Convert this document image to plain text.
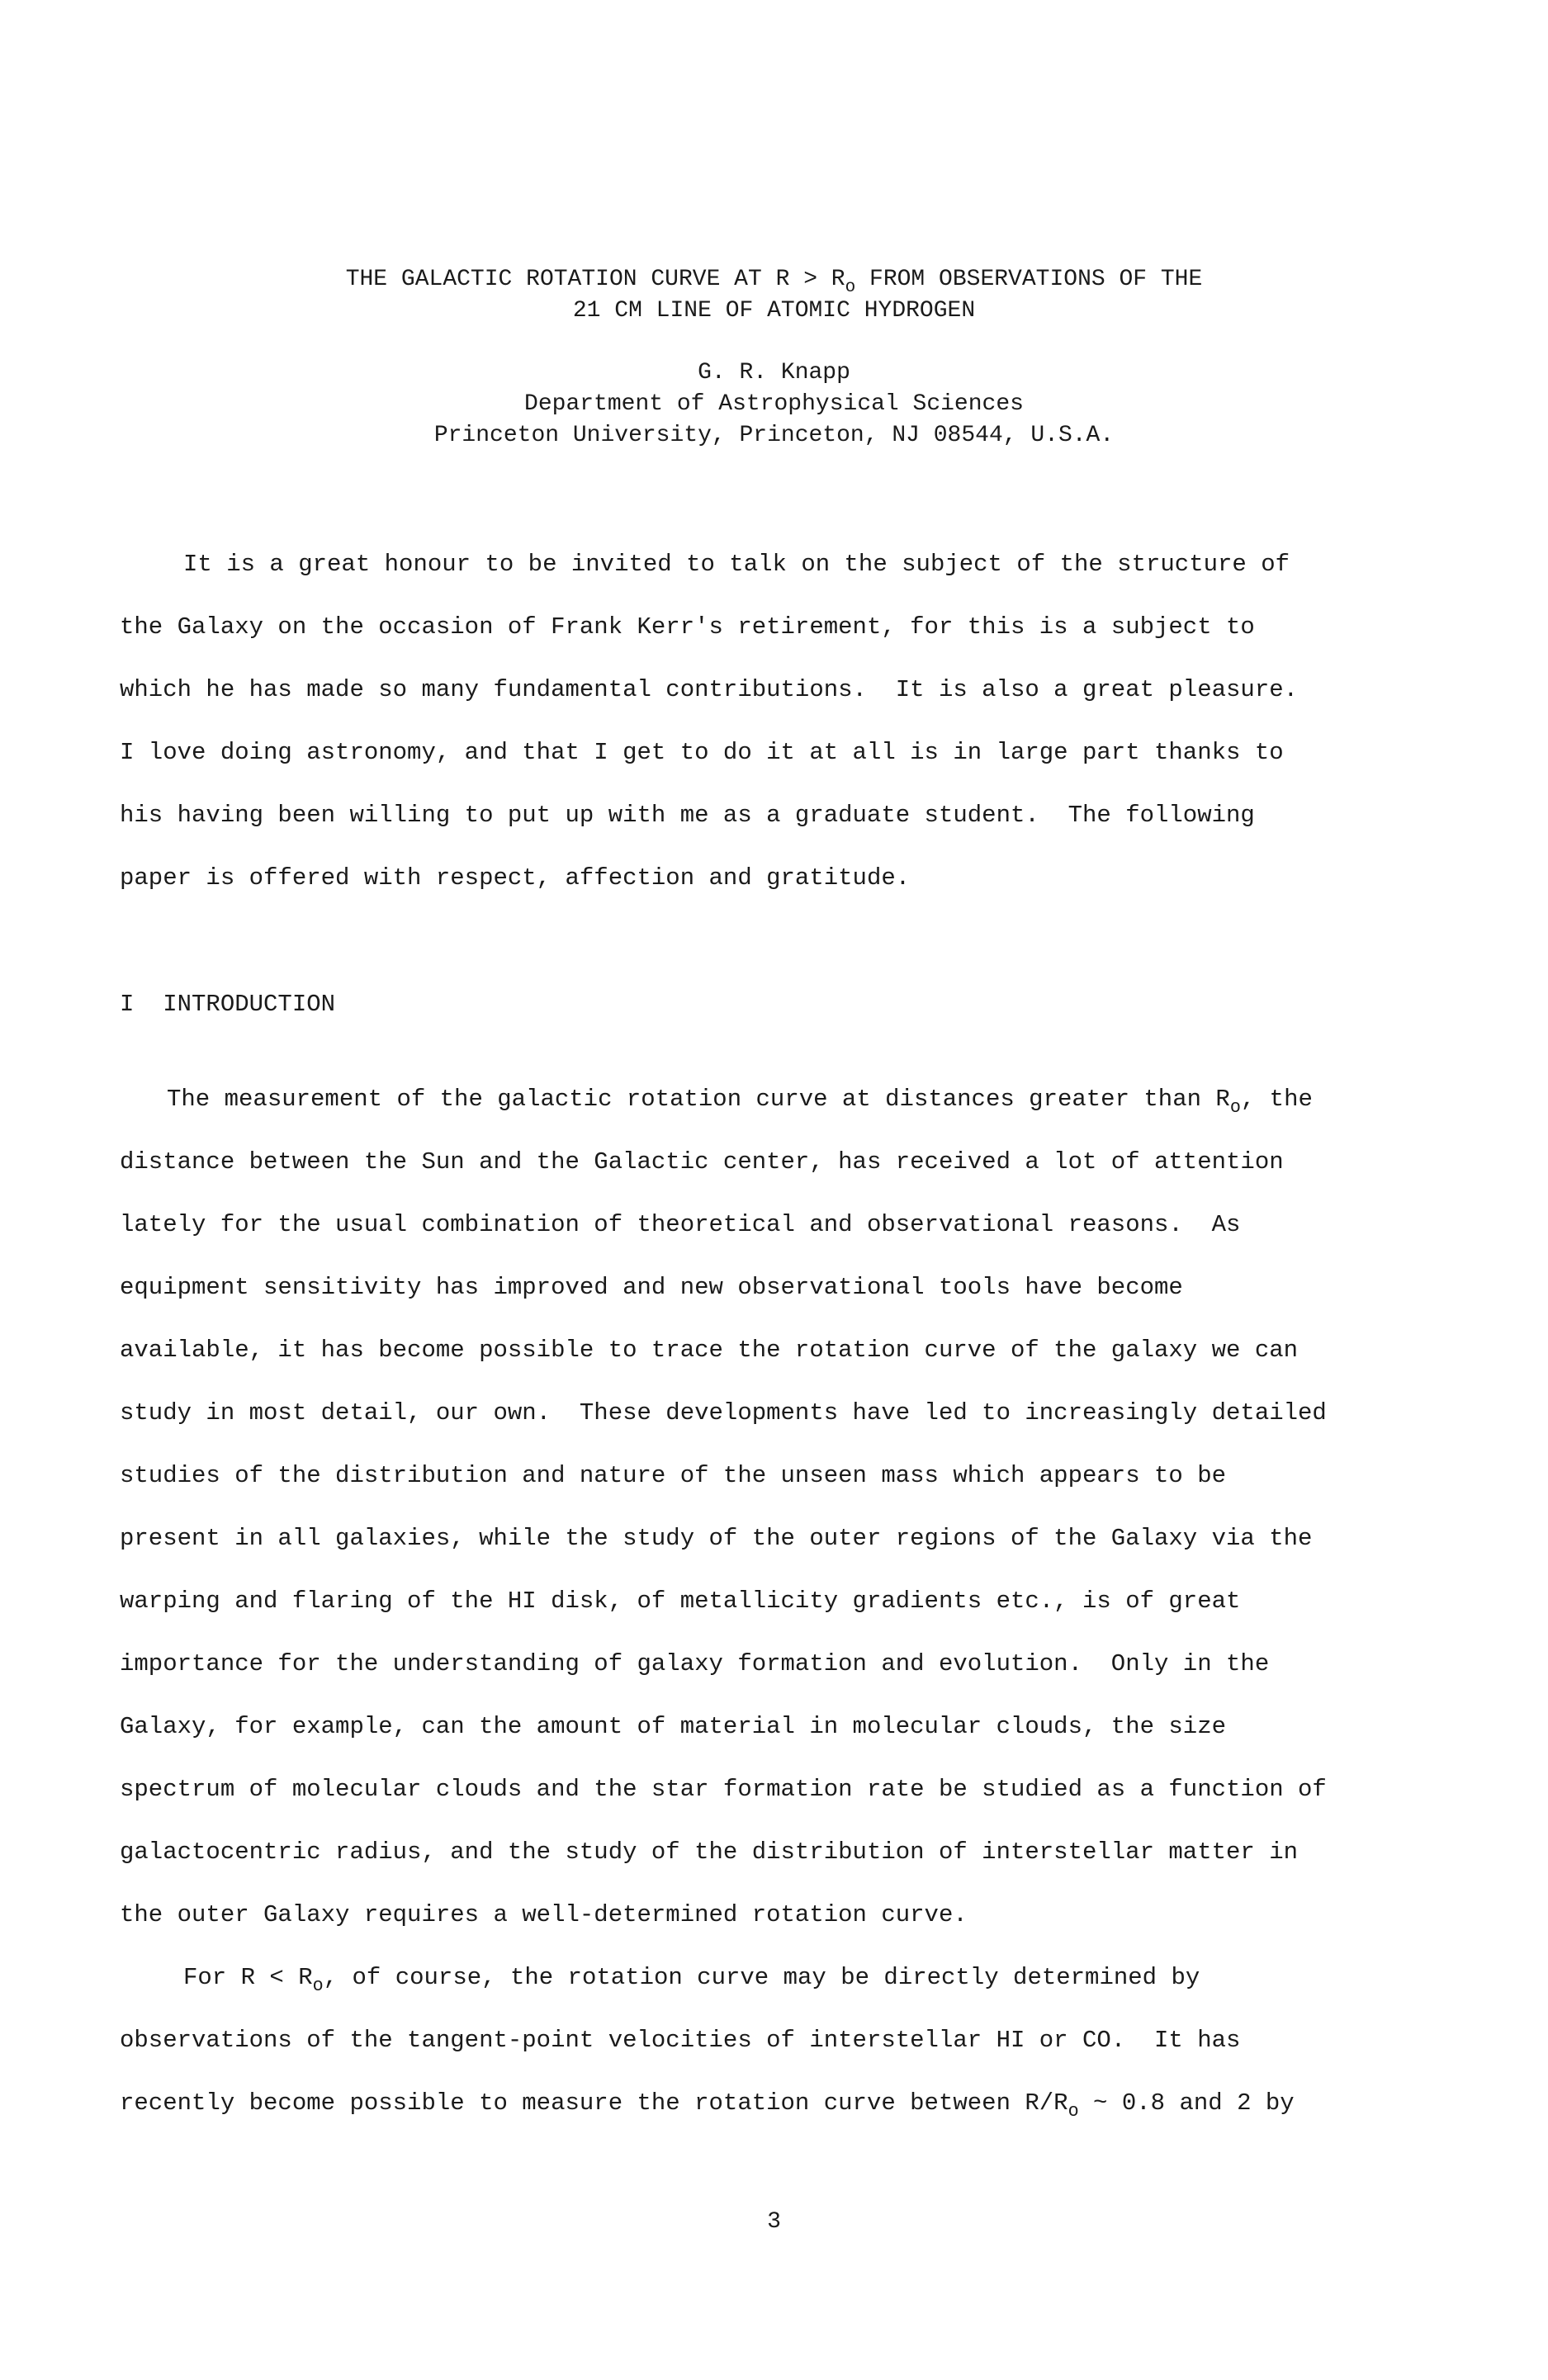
THE GALACTIC ROTATION CURVE AT $R > R_o$ FROM OBSERVATIONS OF THE
21 CM LINE OF ATOMIC HYDROGEN
G. R. Knapp
Department of Astrophysical Sciences
Princeton University, Princeton, NJ 08544, U.S.A.
It is a great honour to be invited to talk on the subject of the structure of
the Galaxy on the occasion of Frank Kerr's retirement, for this is a subject to
which he has made so many fundamental contributions.  It is also a great pleasure.
I love doing astronomy, and that I get to do it at all is in large part thanks to
his having been willing to put up with me as a graduate student.  The following
paper is offered with respect, affection and gratitude.
I  INTRODUCTION
The measurement of the galactic rotation curve at distances greater than $R_o$, the
distance between the Sun and the Galactic center, has received a lot of attention
lately for the usual combination of theoretical and observational reasons.  As
equipment sensitivity has improved and new observational tools have become
available, it has become possible to trace the rotation curve of the galaxy we can
study in most detail, our own.  These developments have led to increasingly detailed
studies of the distribution and nature of the unseen mass which appears to be
present in all galaxies, while the study of the outer regions of the Galaxy via the
warping and flaring of the HI disk, of metallicity gradients etc., is of great
importance for the understanding of galaxy formation and evolution.  Only in the
Galaxy, for example, can the amount of material in molecular clouds, the size
spectrum of molecular clouds and the star formation rate be studied as a function of
galactocentric radius, and the study of the distribution of interstellar matter in
the outer Galaxy requires a well-determined rotation curve.
For $R < R_o$, of course, the rotation curve may be directly determined by
observations of the tangent-point velocities of interstellar HI or CO.  It has
recently become possible to measure the rotation curve between $R/R_o$ ~ 0.8 and 2 by
3
